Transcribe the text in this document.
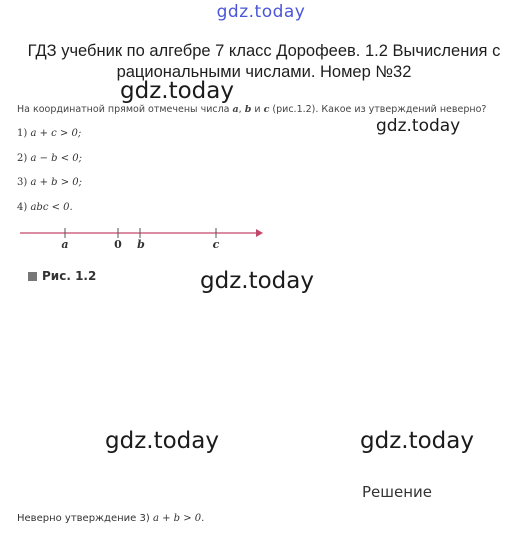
gdz.today
ГДЗ учебник по алгебре 7 класс Дорофеев. 1.2 Вычисления с рациональными числами. Номер №32
gdz.today
gdz.today
gdz.today
gdz.today	gdz.today
На координатной прямой отмечены числа a, b и c (рис.1.2). Какое из утверждений неверно?
1) a + c > 0;
2) a − b < 0;
3) a + b > 0;
4) abc < 0.
a	0 b	c
Рис. 1.2
Решение
Неверно утверждение 3) a + b > 0.
